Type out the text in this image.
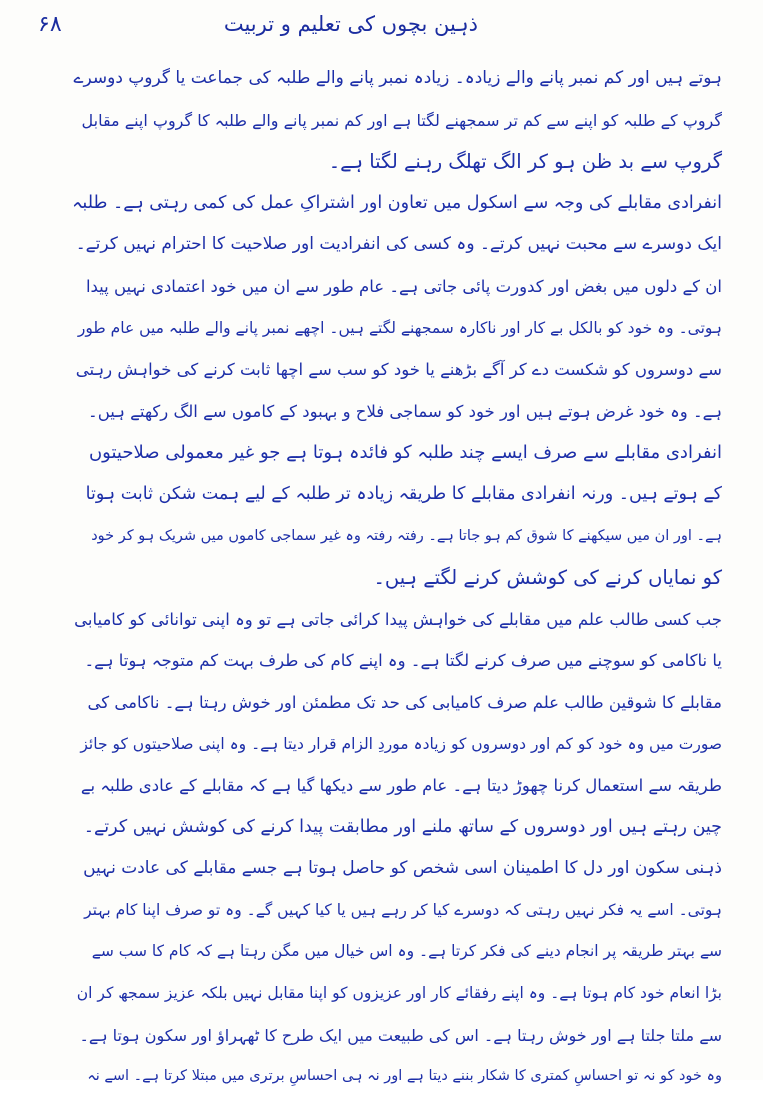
ذہین بچوں کی تعلیم و تربیت
۶۸

ہوتے ہیں اور کم نمبر پانے والے زیادہ۔ زیادہ نمبر پانے والے طلبہ کی جماعت یا گروپ دوسرے
گروپ کے طلبہ کو اپنے سے کم تر سمجھنے لگتا ہے اور کم نمبر پانے والے طلبہ کا گروپ اپنے مقابل
گروپ سے بد ظن ہو کر الگ تھلگ رہنے لگتا ہے۔

انفرادی مقابلے کی وجہ سے اسکول میں تعاون اور اشتراکِ عمل کی کمی رہتی ہے۔ طلبہ
ایک دوسرے سے محبت نہیں کرتے۔ وہ کسی کی انفرادیت اور صلاحیت کا احترام نہیں کرتے۔
ان کے دلوں میں بغض اور کدورت پائی جاتی ہے۔ عام طور سے ان میں خود اعتمادی نہیں پیدا
ہوتی۔ وہ خود کو بالکل بے کار اور ناکارہ سمجھنے لگتے ہیں۔ اچھے نمبر پانے والے طلبہ میں عام طور
سے دوسروں کو شکست دے کر آگے بڑھنے یا خود کو سب سے اچھا ثابت کرنے کی خواہش رہتی
ہے۔ وہ خود غرض ہوتے ہیں اور خود کو سماجی فلاح و بہبود کے کاموں سے الگ رکھتے ہیں۔

انفرادی مقابلے سے صرف ایسے چند طلبہ کو فائدہ ہوتا ہے جو غیر معمولی صلاحیتوں
کے ہوتے ہیں۔ ورنہ انفرادی مقابلے کا طریقہ زیادہ تر طلبہ کے لیے ہمت شکن ثابت ہوتا
ہے۔ اور ان میں سیکھنے کا شوق کم ہو جاتا ہے۔ رفتہ رفتہ وہ غیر سماجی کاموں میں شریک ہو کر خود
کو نمایاں کرنے کی کوشش کرنے لگتے ہیں۔

جب کسی طالب علم میں مقابلے کی خواہش پیدا کرائی جاتی ہے تو وہ اپنی توانائی کو کامیابی
یا ناکامی کو سوچنے میں صرف کرنے لگتا ہے۔ وہ اپنے کام کی طرف بہت کم متوجہ ہوتا ہے۔
مقابلے کا شوقین طالب علم صرف کامیابی کی حد تک مطمئن اور خوش رہتا ہے۔ ناکامی کی
صورت میں وہ خود کو کم اور دوسروں کو زیادہ موردِ الزام قرار دیتا ہے۔ وہ اپنی صلاحیتوں کو جائز
طریقہ سے استعمال کرنا چھوڑ دیتا ہے۔ عام طور سے دیکھا گیا ہے کہ مقابلے کے عادی طلبہ بے
چین رہتے ہیں اور دوسروں کے ساتھ ملنے اور مطابقت پیدا کرنے کی کوشش نہیں کرتے۔

ذہنی سکون اور دل کا اطمینان اسی شخص کو حاصل ہوتا ہے جسے مقابلے کی عادت نہیں
ہوتی۔ اسے یہ فکر نہیں رہتی کہ دوسرے کیا کر رہے ہیں یا کیا کہیں گے۔ وہ تو صرف اپنا کام بہتر
سے بہتر طریقہ پر انجام دینے کی فکر کرتا ہے۔ وہ اس خیال میں مگن رہتا ہے کہ کام کا سب سے
بڑا انعام خود کام ہوتا ہے۔ وہ اپنے رفقائے کار اور عزیزوں کو اپنا مقابل نہیں بلکہ عزیز سمجھ کر ان
سے ملتا جلتا ہے اور خوش رہتا ہے۔ اس کی طبیعت میں ایک طرح کا ٹھہراؤ اور سکون ہوتا ہے۔
وہ خود کو نہ تو احساسِ کمتری کا شکار بننے دیتا ہے اور نہ ہی احساسِ برتری میں مبتلا کرتا ہے۔ اسے نہ
